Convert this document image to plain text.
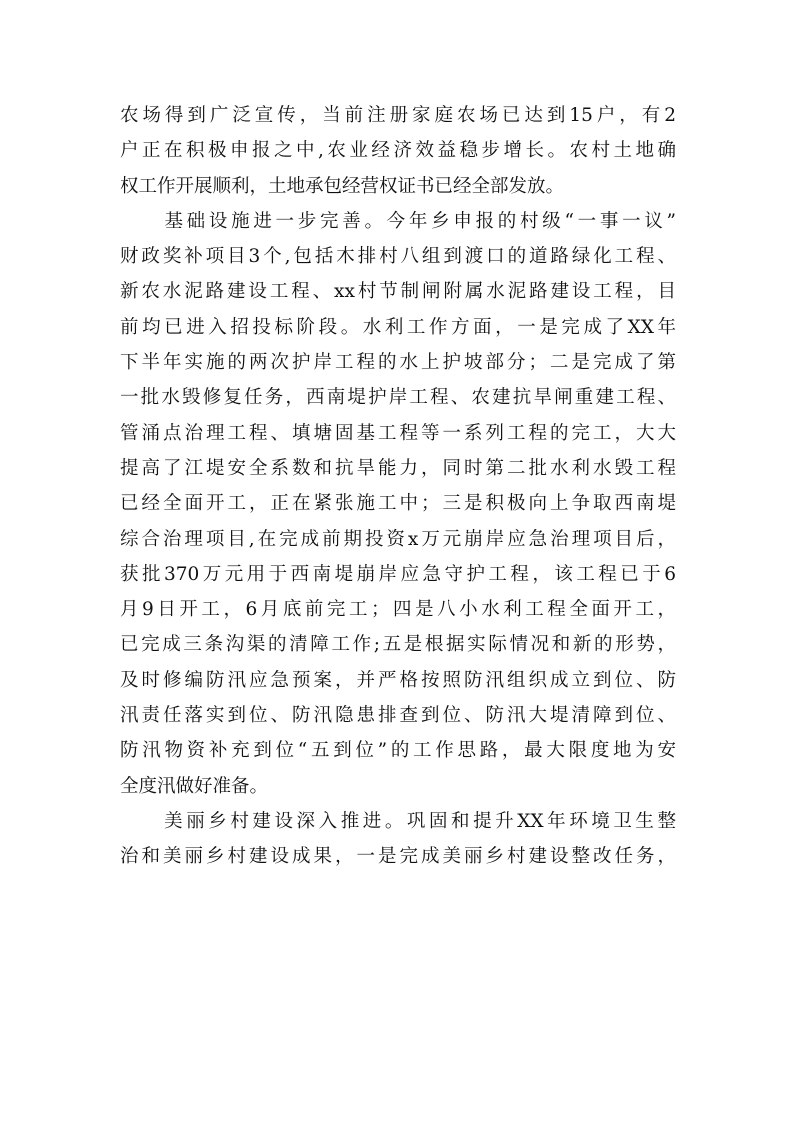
农场得到广泛宣传，当前注册家庭农场已达到15户，有2
户正在积极申报之中,农业经济效益稳步增长。农村土地确
权工作开展顺利，土地承包经营权证书已经全部发放。
　　基础设施进一步完善。今年乡申报的村级“一事一议”
财政奖补项目3个,包括木排村八组到渡口的道路绿化工程、
新农水泥路建设工程、xx村节制闸附属水泥路建设工程，目
前均已进入招投标阶段。水利工作方面，一是完成了XX年
下半年实施的两次护岸工程的水上护坡部分；二是完成了第
一批水毁修复任务，西南堤护岸工程、农建抗旱闸重建工程、
管涌点治理工程、填塘固基工程等一系列工程的完工，大大
提高了江堤安全系数和抗旱能力，同时第二批水利水毁工程
已经全面开工，正在紧张施工中；三是积极向上争取西南堤
综合治理项目,在完成前期投资x万元崩岸应急治理项目后，
获批370万元用于西南堤崩岸应急守护工程，该工程已于6
月9日开工，6月底前完工；四是八小水利工程全面开工，
已完成三条沟渠的清障工作;五是根据实际情况和新的形势，
及时修编防汛应急预案，并严格按照防汛组织成立到位、防
汛责任落实到位、防汛隐患排查到位、防汛大堤清障到位、
防汛物资补充到位“五到位”的工作思路，最大限度地为安
全度汛做好准备。
　　美丽乡村建设深入推进。巩固和提升XX年环境卫生整
治和美丽乡村建设成果，一是完成美丽乡村建设整改任务，
